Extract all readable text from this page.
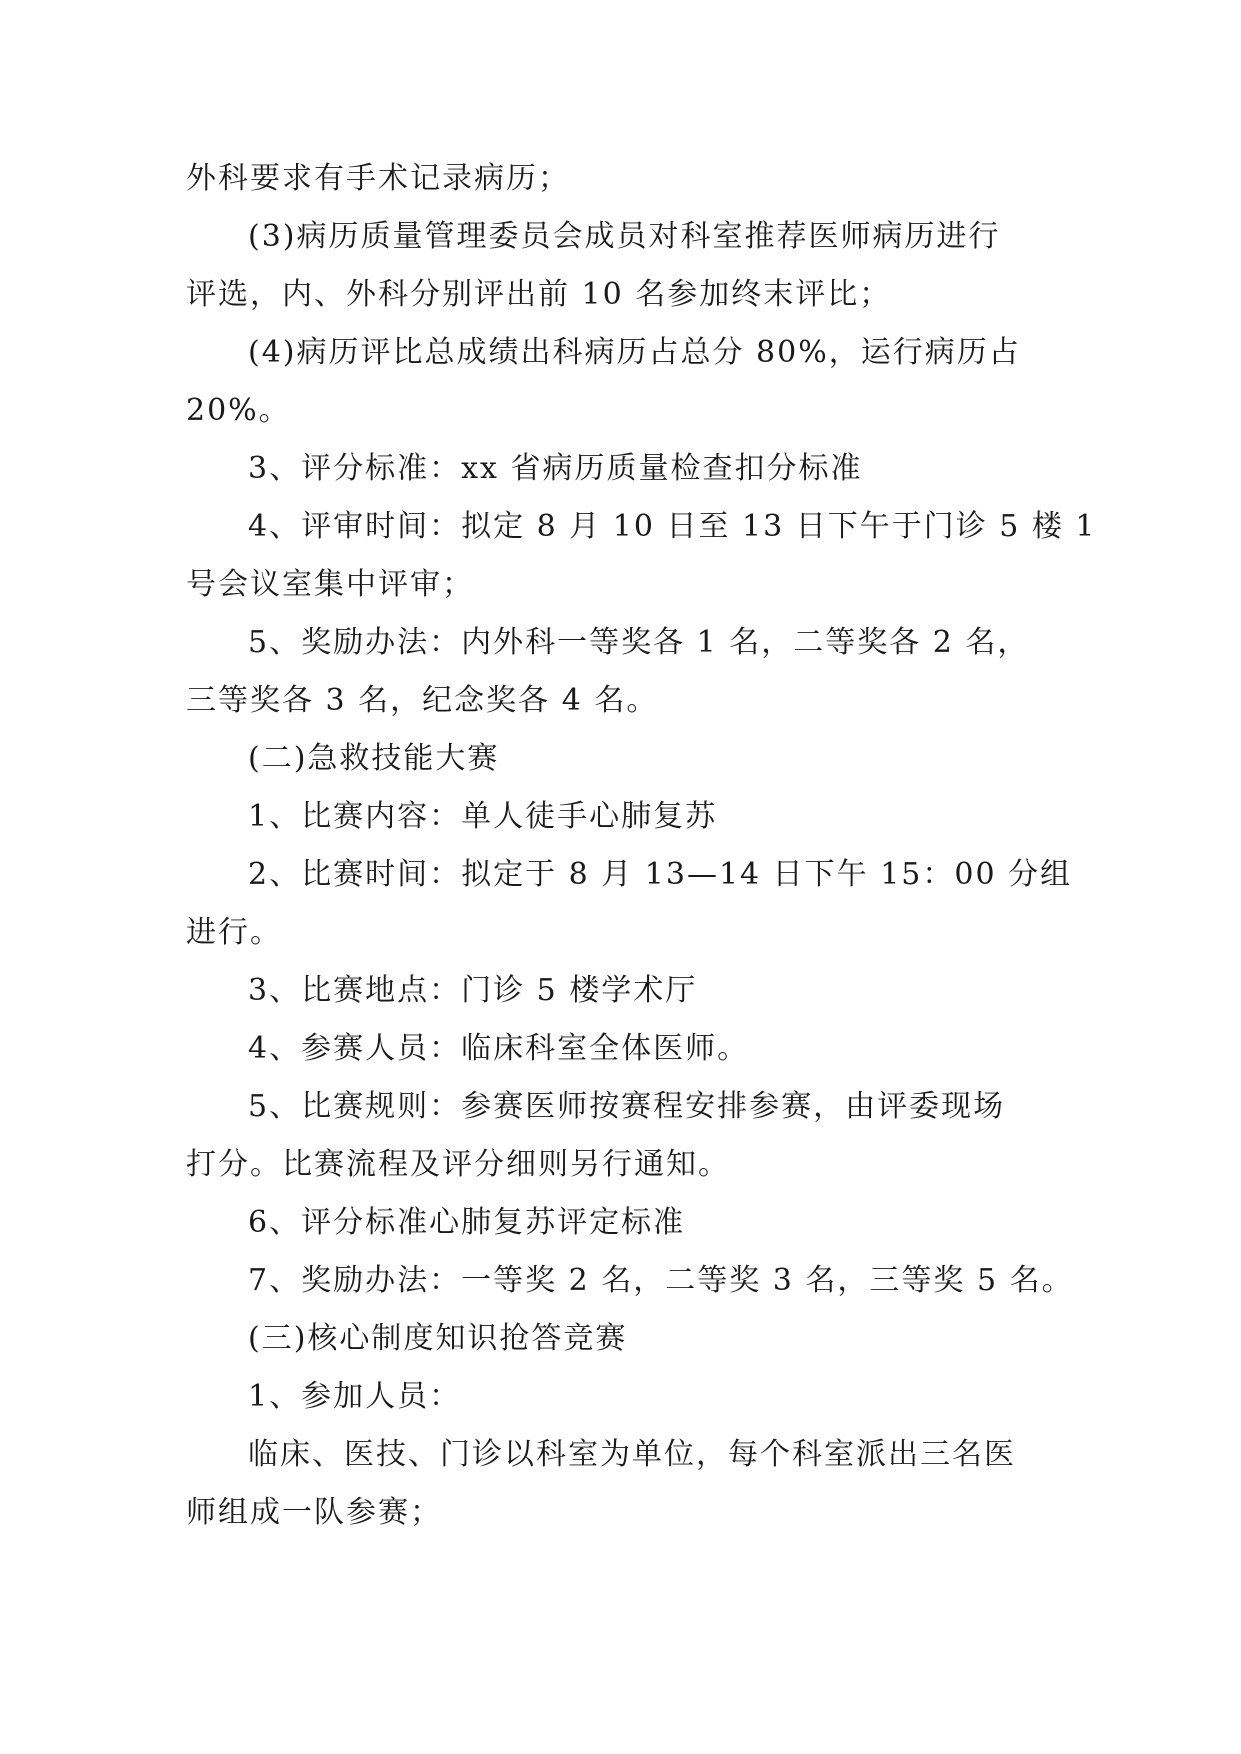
外科要求有手术记录病历；
(3)病历质量管理委员会成员对科室推荐医师病历进行
评选，内、外科分别评出前 10 名参加终末评比；
(4)病历评比总成绩出科病历占总分 80%，运行病历占
20%。
3、评分标准：xx 省病历质量检查扣分标准
4、评审时间：拟定 8 月 10 日至 13 日下午于门诊 5 楼 1
号会议室集中评审；
5、奖励办法：内外科一等奖各 1 名，二等奖各 2 名，
三等奖各 3 名，纪念奖各 4 名。
(二)急救技能大赛
1、比赛内容：单人徒手心肺复苏
2、比赛时间：拟定于 8 月 13—14 日下午 15：00 分组
进行。
3、比赛地点：门诊 5 楼学术厅
4、参赛人员：临床科室全体医师。
5、比赛规则：参赛医师按赛程安排参赛，由评委现场
打分。比赛流程及评分细则另行通知。
6、评分标准心肺复苏评定标准
7、奖励办法：一等奖 2 名，二等奖 3 名，三等奖 5 名。
(三)核心制度知识抢答竞赛
1、参加人员：
临床、医技、门诊以科室为单位，每个科室派出三名医
师组成一队参赛；
